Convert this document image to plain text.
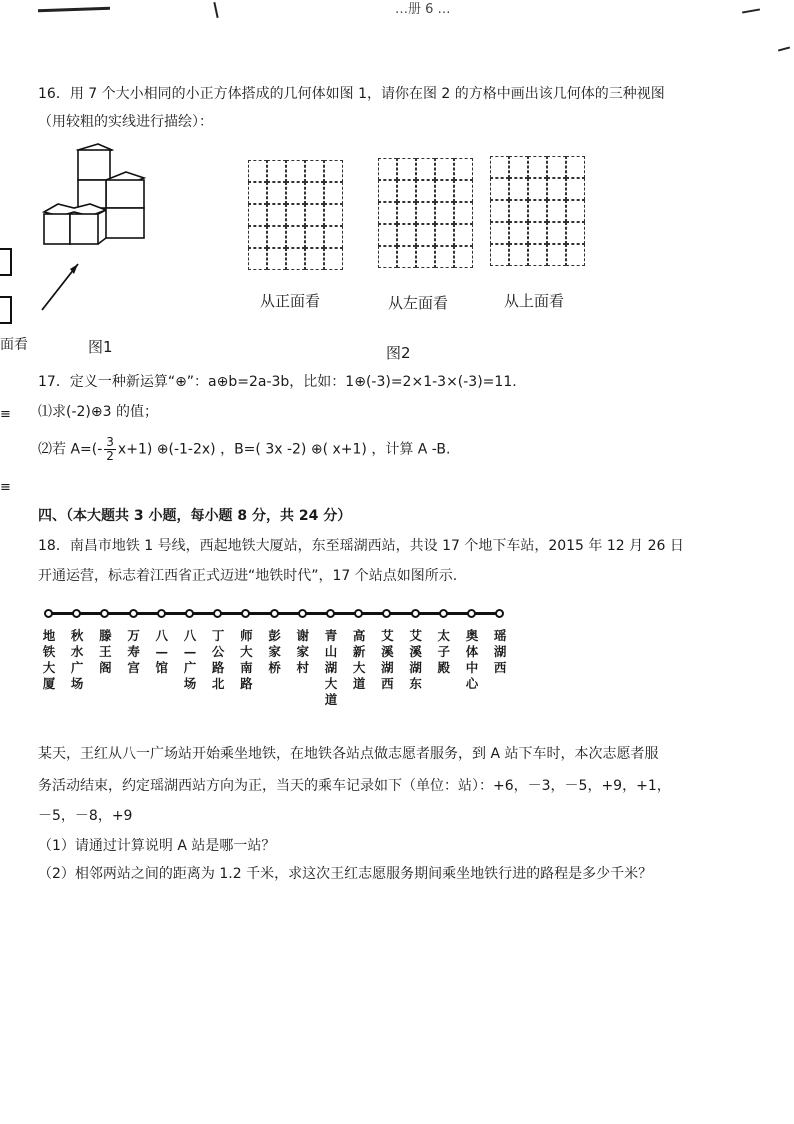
…册 6 …
面看
≡
≡
16．用 7 个大小相同的小正方体搭成的几何体如图 1，请你在图 2 的方格中画出该几何体的三种视图
（用较粗的实线进行描绘）：
图1
从正面看	从左面看	从上面看
图2
17．定义一种新运算“⊕”：a⊕b=2a-3b，比如：1⊕(-3)=2×1-3×(-3)=11.
⑴求(-2)⊕3 的值；
⑵若 $A=(- \frac{3}{2} x+1)$ ⊕(-1-2x) ，B=( 3x -2) ⊕( x+1) ，计算 A -B.
四、（本大题共 3 小题，每小题 8 分，共 24 分）
18．南昌市地铁 1 号线，西起地铁大厦站，东至瑶湖西站，共设 17 个地下车站，2015 年 12 月 26 日
开通运营，标志着江西省正式迈进“地铁时代”，17 个站点如图所示.
地
铁
大
厦
秋
水
广
场
滕
王
阁
万
寿
宫
八
—
馆
八
—
广
场
丁
公
路
北
师
大
南
路
彭
家
桥
谢
家
村
青
山
湖
大
道
高
新
大
道
艾
溪
湖
西
艾
溪
湖
东
太
子
殿
奥
体
中
心
瑶
湖
西
某天，王红从八一广场站开始乘坐地铁，在地铁各站点做志愿者服务，到 A 站下车时，本次志愿者服
务活动结束，约定瑶湖西站方向为正，当天的乘车记录如下（单位：站）：+6，－3，－5，+9，+1，
－5，－8，+9
（1）请通过计算说明 A 站是哪一站？
（2）相邻两站之间的距离为 1.2 千米，求这次王红志愿服务期间乘坐地铁行进的路程是多少千米？
